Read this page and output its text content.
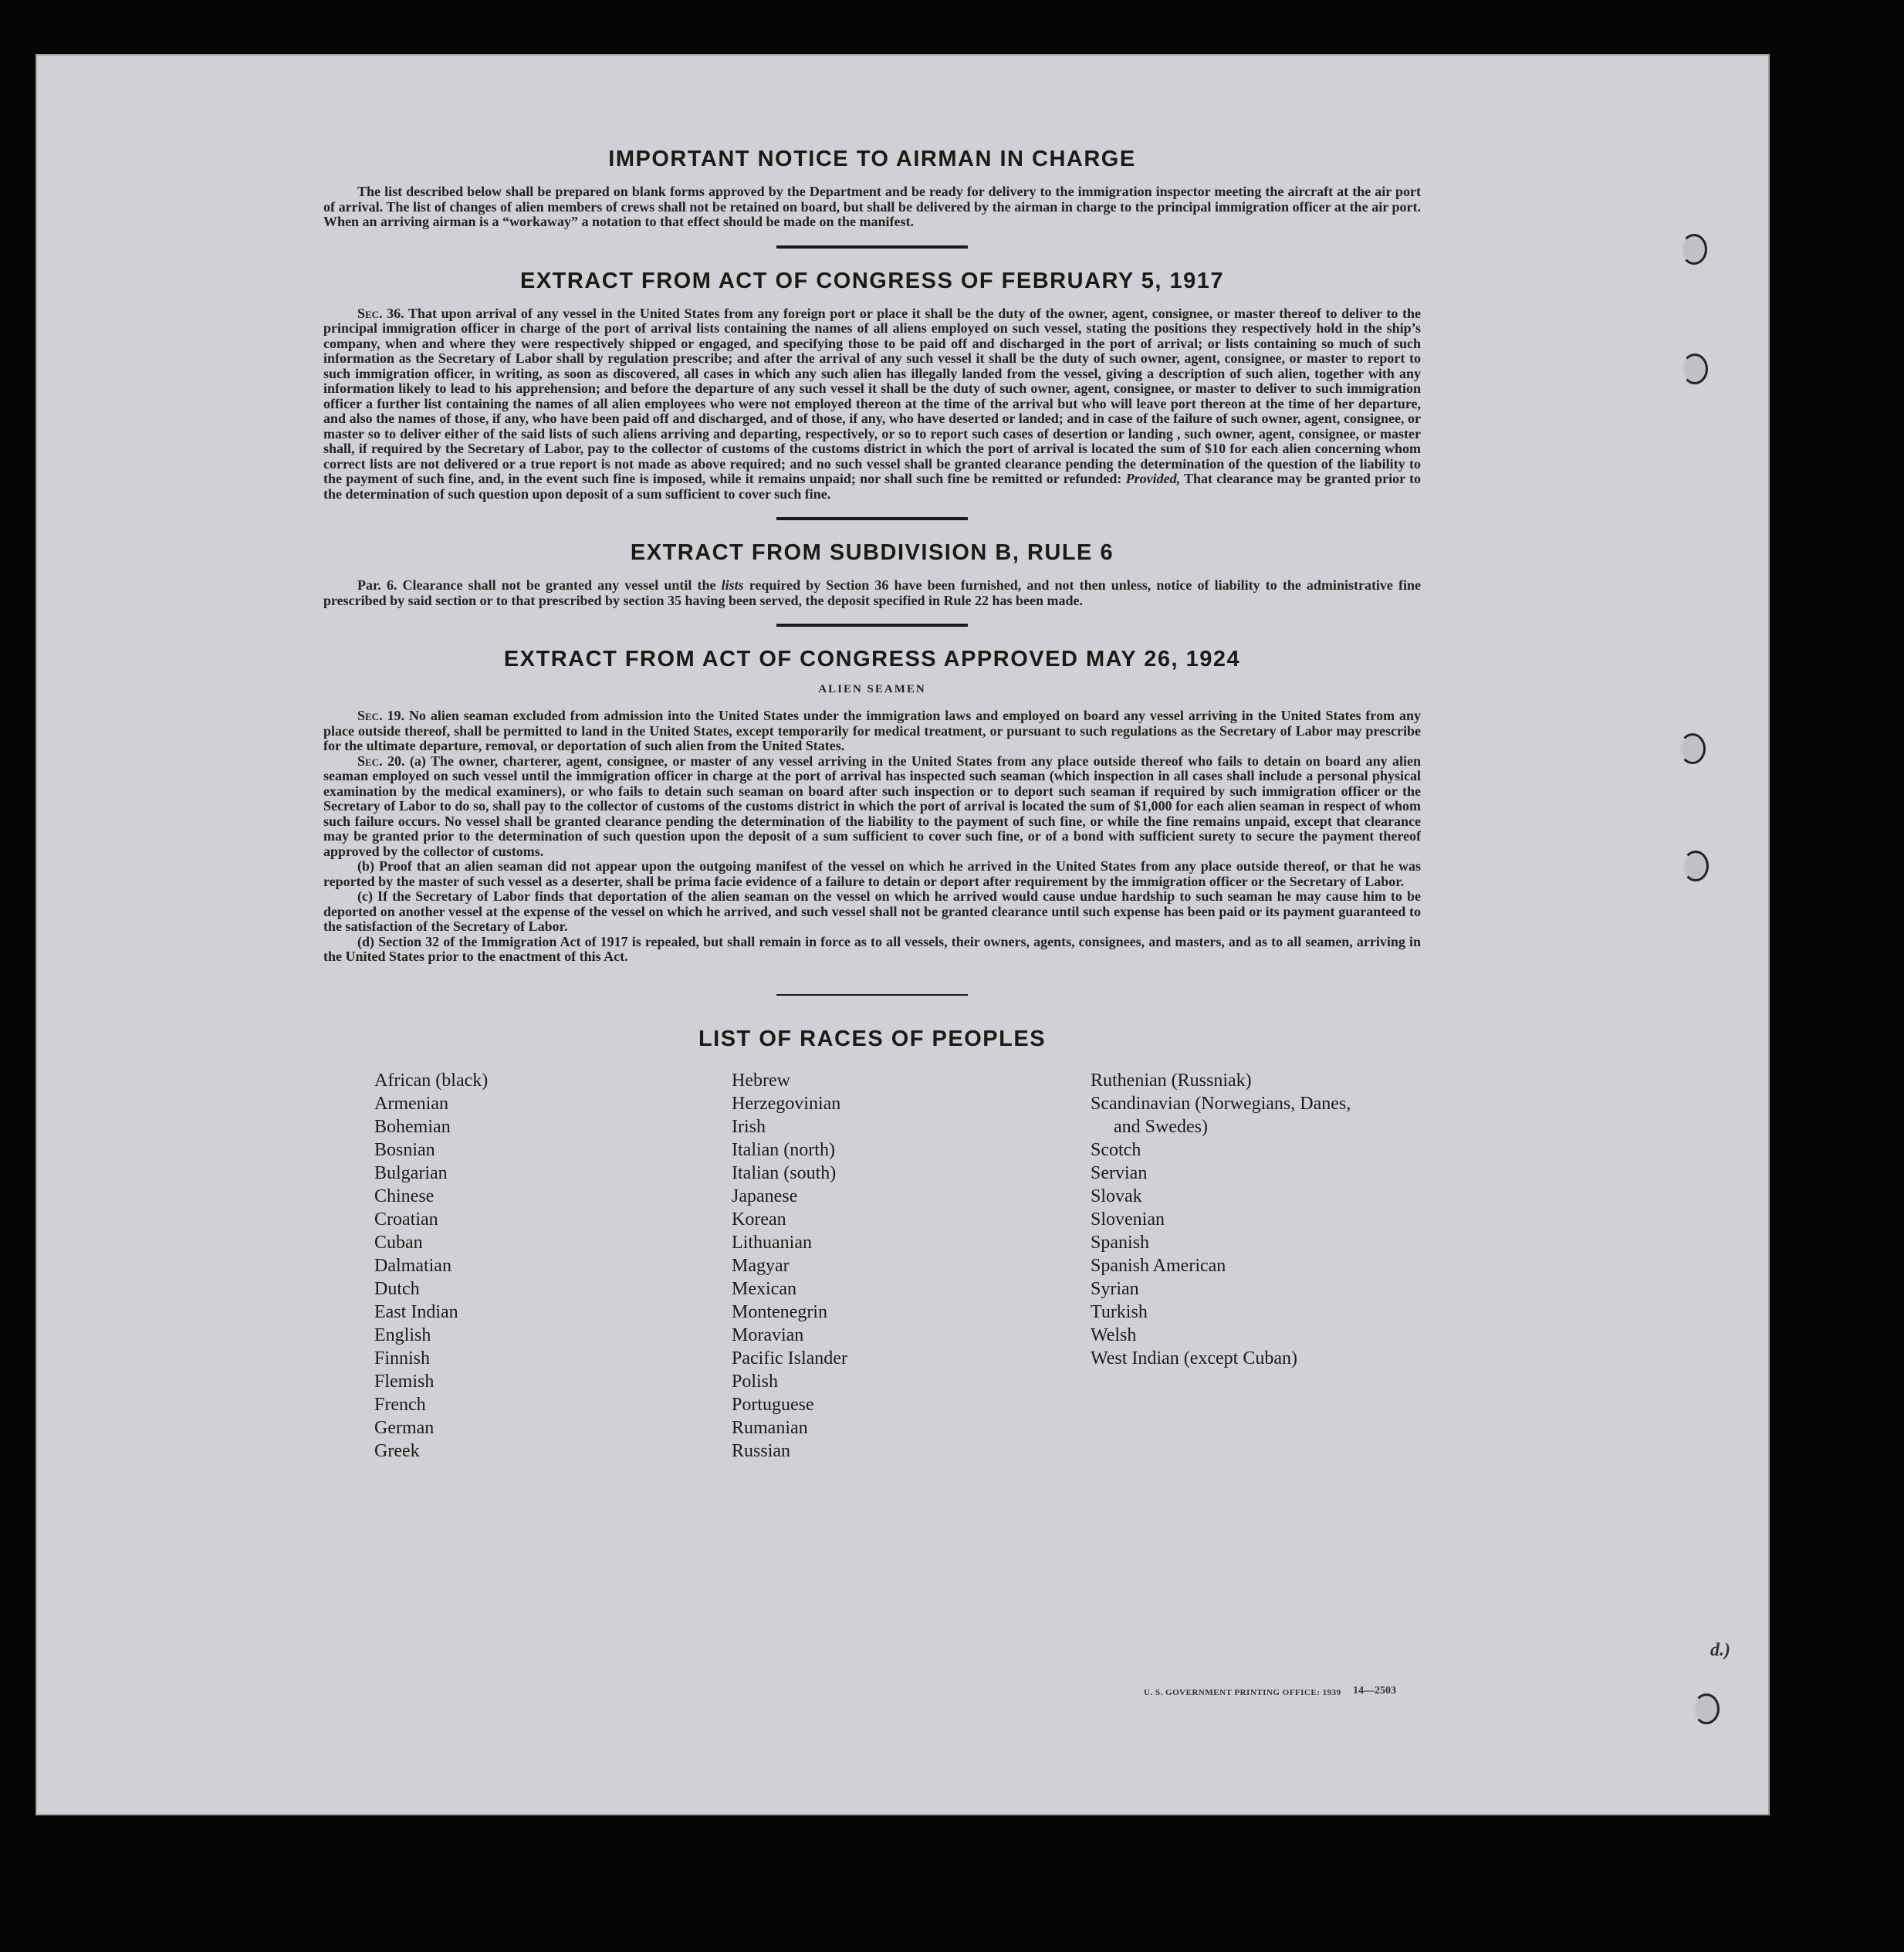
d.)
IMPORTANT NOTICE TO AIRMAN IN CHARGE

The list described below shall be prepared on blank forms approved by the Department and be ready for delivery to the immigration inspector meeting the aircraft at the air port of arrival. The list of changes of alien members of crews shall not be retained on board, but shall be delivered by the airman in charge to the principal immigration officer at the air port. When an arriving airman is a “workaway” a notation to that effect should be made on the manifest.

EXTRACT FROM ACT OF CONGRESS OF FEBRUARY 5, 1917

Sec. 36. That upon arrival of any vessel in the United States from any foreign port or place it shall be the duty of the owner, agent, consignee, or master thereof to deliver to the principal immigration officer in charge of the port of arrival lists containing the names of all aliens employed on such vessel, stating the positions they respectively hold in the ship’s company, when and where they were respectively shipped or engaged, and specifying those to be paid off and discharged in the port of arrival; or lists containing so much of such information as the Secretary of Labor shall by regulation prescribe; and after the arrival of any such vessel it shall be the duty of such owner, agent, consignee, or master to report to such immigration officer, in writing, as soon as discovered, all cases in which any such alien has illegally landed from the vessel, giving a description of such alien, together with any information likely to lead to his apprehension; and before the departure of any such vessel it shall be the duty of such owner, agent, consignee, or master to deliver to such immigration officer a further list containing the names of all alien employees who were not employed thereon at the time of the arrival but who will leave port thereon at the time of her departure, and also the names of those, if any, who have been paid off and discharged, and of those, if any, who have deserted or landed; and in case of the failure of such owner, agent, consignee, or master so to deliver either of the said lists of such aliens arriving and departing, respectively, or so to report such cases of desertion or landing , such owner, agent, consignee, or master shall, if required by the Secretary of Labor, pay to the collector of customs of the customs district in which the port of arrival is located the sum of $10 for each alien concerning whom correct lists are not delivered or a true report is not made as above required; and no such vessel shall be granted clearance pending the determination of the question of the liability to the payment of such fine, and, in the event such fine is imposed, while it remains unpaid; nor shall such fine be remitted or refunded: Provided, That clearance may be granted prior to the determination of such question upon deposit of a sum sufficient to cover such fine.

EXTRACT FROM SUBDIVISION B, RULE 6

Par. 6. Clearance shall not be granted any vessel until the lists required by Section 36 have been furnished, and not then unless, notice of liability to the administrative fine prescribed by said section or to that prescribed by section 35 having been served, the deposit specified in Rule 22 has been made.

EXTRACT FROM ACT OF CONGRESS APPROVED MAY 26, 1924
ALIEN SEAMEN

Sec. 19. No alien seaman excluded from admission into the United States under the immigration laws and employed on board any vessel arriving in the United States from any place outside thereof, shall be permitted to land in the United States, except temporarily for medical treatment, or pursuant to such regulations as the Secretary of Labor may prescribe for the ultimate departure, removal, or deportation of such alien from the United States.

Sec. 20. (a) The owner, charterer, agent, consignee, or master of any vessel arriving in the United States from any place outside thereof who fails to detain on board any alien seaman employed on such vessel until the immigration officer in charge at the port of arrival has inspected such seaman (which inspection in all cases shall include a personal physical examination by the medical examiners), or who fails to detain such seaman on board after such inspection or to deport such seaman if required by such immigration officer or the Secretary of Labor to do so, shall pay to the collector of customs of the customs district in which the port of arrival is located the sum of $1,000 for each alien seaman in respect of whom such failure occurs. No vessel shall be granted clearance pending the determination of the liability to the payment of such fine, or while the fine remains unpaid, except that clearance may be granted prior to the determination of such question upon the deposit of a sum sufficient to cover such fine, or of a bond with sufficient surety to secure the payment thereof approved by the collector of customs.

(b) Proof that an alien seaman did not appear upon the outgoing manifest of the vessel on which he arrived in the United States from any place outside thereof, or that he was reported by the master of such vessel as a deserter, shall be prima facie evidence of a failure to detain or deport after requirement by the immigration officer or the Secretary of Labor.

(c) If the Secretary of Labor finds that deportation of the alien seaman on the vessel on which he arrived would cause undue hardship to such seaman he may cause him to be deported on another vessel at the expense of the vessel on which he arrived, and such vessel shall not be granted clearance until such expense has been paid or its payment guaranteed to the satisfaction of the Secretary of Labor.

(d) Section 32 of the Immigration Act of 1917 is repealed, but shall remain in force as to all vessels, their owners, agents, consignees, and masters, and as to all seamen, arriving in the United States prior to the enactment of this Act.

LIST OF RACES OF PEOPLES
African (black)
Armenian
Bohemian
Bosnian
Bulgarian
Chinese
Croatian
Cuban
Dalmatian
Dutch
East Indian
English
Finnish
Flemish
French
German
Greek
Hebrew
Herzegovinian
Irish
Italian (north)
Italian (south)
Japanese
Korean
Lithuanian
Magyar
Mexican
Montenegrin
Moravian
Pacific Islander
Polish
Portuguese
Rumanian
Russian
Ruthenian (Russniak)
Scandinavian (Norwegians, Danes,
and Swedes)
Scotch
Servian
Slovak
Slovenian
Spanish
Spanish American
Syrian
Turkish
Welsh
West Indian (except Cuban)
U. S. GOVERNMENT PRINTING OFFICE: 1939 14—2503
